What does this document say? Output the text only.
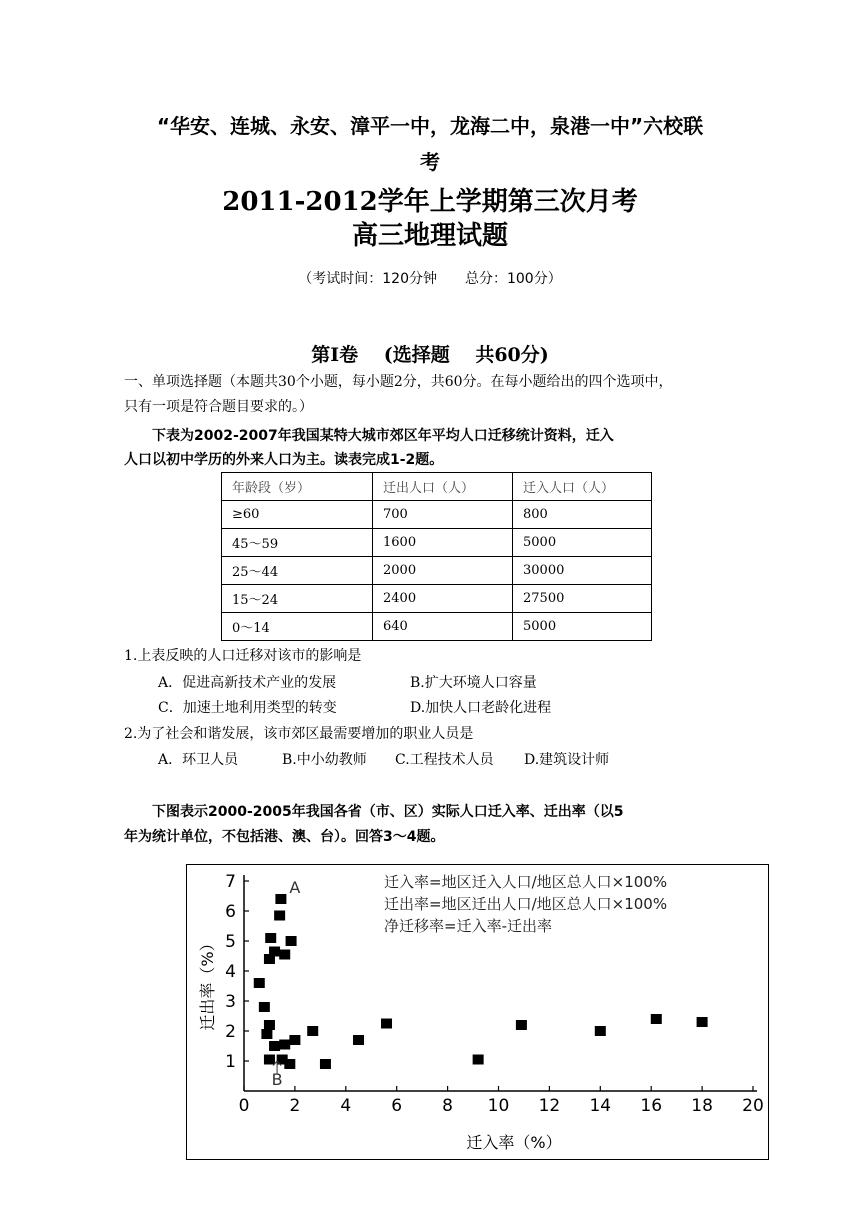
“华安、连城、永安、漳平一中，龙海二中，泉港一中”六校联
考
2011-2012学年上学期第三次月考
高三地理试题
（考试时间：120分钟　　总分：100分）
第Ⅰ卷　 (选择题　 共60分)
一、单项选择题（本题共30个小题，每小题2分，共60分。在每小题给出的四个选项中，
只有一项是符合题目要求的。）
　　下表为2002-2007年我国某特大城市郊区年平均人口迁移统计资料，迁入
人口以初中学历的外来人口为主。读表完成1-2题。
年龄段（岁）	迁出人口（人）	迁入人口（人）
≥60	700	800
45～59	1600	5000
25～44	2000	30000
15～24	2400	27500
0～14	640	5000
1.上表反映的人口迁移对该市的影响是
A．促进高新技术产业的发展	B.扩大环境人口容量
C．加速土地利用类型的转变	D.加快人口老龄化进程
2.为了社会和谐发展，该市郊区最需要增加的职业人员是
A．环卫人员	B.中小幼教师 C.工程技术人员 D.建筑设计师
　　下图表示2000-2005年我国各省（市、区）实际人口迁入率、迁出率（以5
年为统计单位，不包括港、澳、台）。回答3～4题。
0 2 4 6 8 10 12 14 16 18 20
1
2
3
4
5
6
7	A
B
迁入率=地区迁入人口/地区总人口×100%
迁出率=地区迁出人口/地区总人口×100%
净迁移率=迁入率-迁出率
迁入率（%）
迁出率（%）
